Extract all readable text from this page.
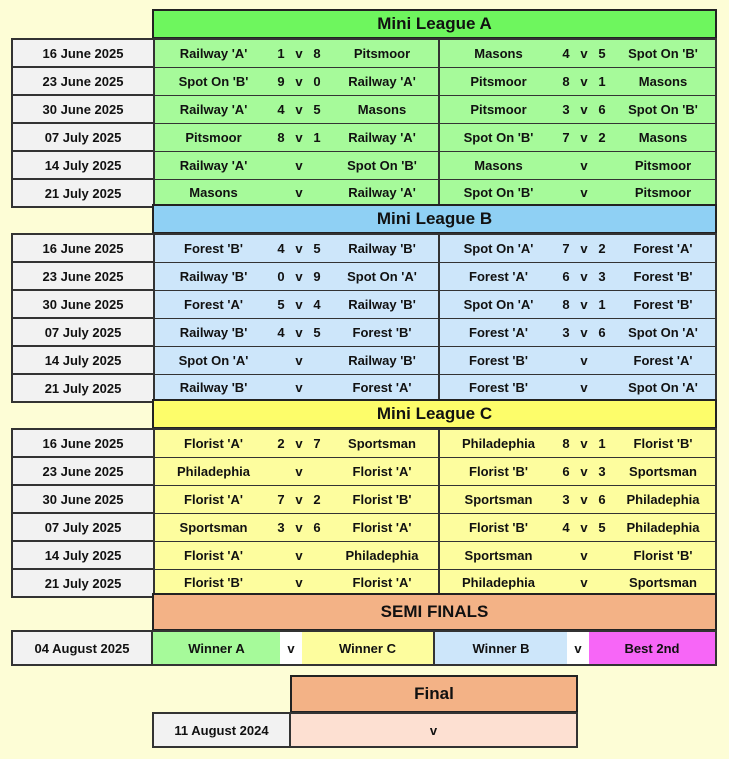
Mini League A
16 June 2025	Railway 'A'	1	v	8	Pitsmoor	Masons	4	v	5	Spot On 'B'
23 June 2025	Spot On 'B'	9	v	0	Railway 'A'	Pitsmoor	8	v	1	Masons
30 June 2025	Railway 'A'	4	v	5	Masons	Pitsmoor	3	v	6	Spot On 'B'
07 July 2025	Pitsmoor	8	v	1	Railway 'A'	Spot On 'B'	7	v	2	Masons
14 July 2025	Railway 'A'		v		Spot On 'B'	Masons		v		Pitsmoor
21 July 2025	Masons		v		Railway 'A'	Spot On 'B'		v		Pitsmoor
Mini League B
16 June 2025	Forest 'B'	4	v	5	Railway 'B'	Spot On 'A'	7	v	2	Forest 'A'
23 June 2025	Railway 'B'	0	v	9	Spot On 'A'	Forest 'A'	6	v	3	Forest 'B'
30 June 2025	Forest 'A'	5	v	4	Railway 'B'	Spot On 'A'	8	v	1	Forest 'B'
07 July 2025	Railway 'B'	4	v	5	Forest 'B'	Forest 'A'	3	v	6	Spot On 'A'
14 July 2025	Spot On 'A'		v		Railway 'B'	Forest 'B'		v		Forest 'A'
21 July 2025	Railway 'B'		v		Forest 'A'	Forest 'B'		v		Spot On 'A'
Mini League C
16 June 2025	Florist 'A'	2	v	7	Sportsman	Philadephia	8	v	1	Florist 'B'
23 June 2025	Philadephia		v		Florist 'A'	Florist 'B'	6	v	3	Sportsman
30 June 2025	Florist 'A'	7	v	2	Florist 'B'	Sportsman	3	v	6	Philadephia
07 July 2025	Sportsman	3	v	6	Florist 'A'	Florist 'B'	4	v	5	Philadephia
14 July 2025	Florist 'A'		v		Philadephia	Sportsman		v		Florist 'B'
21 July 2025	Florist 'B'		v		Florist 'A'	Philadephia		v		Sportsman
SEMI FINALS
04 August 2025	Winner A	v	Winner C	Winner B	v	Best 2nd
Final
11 August 2024	v
